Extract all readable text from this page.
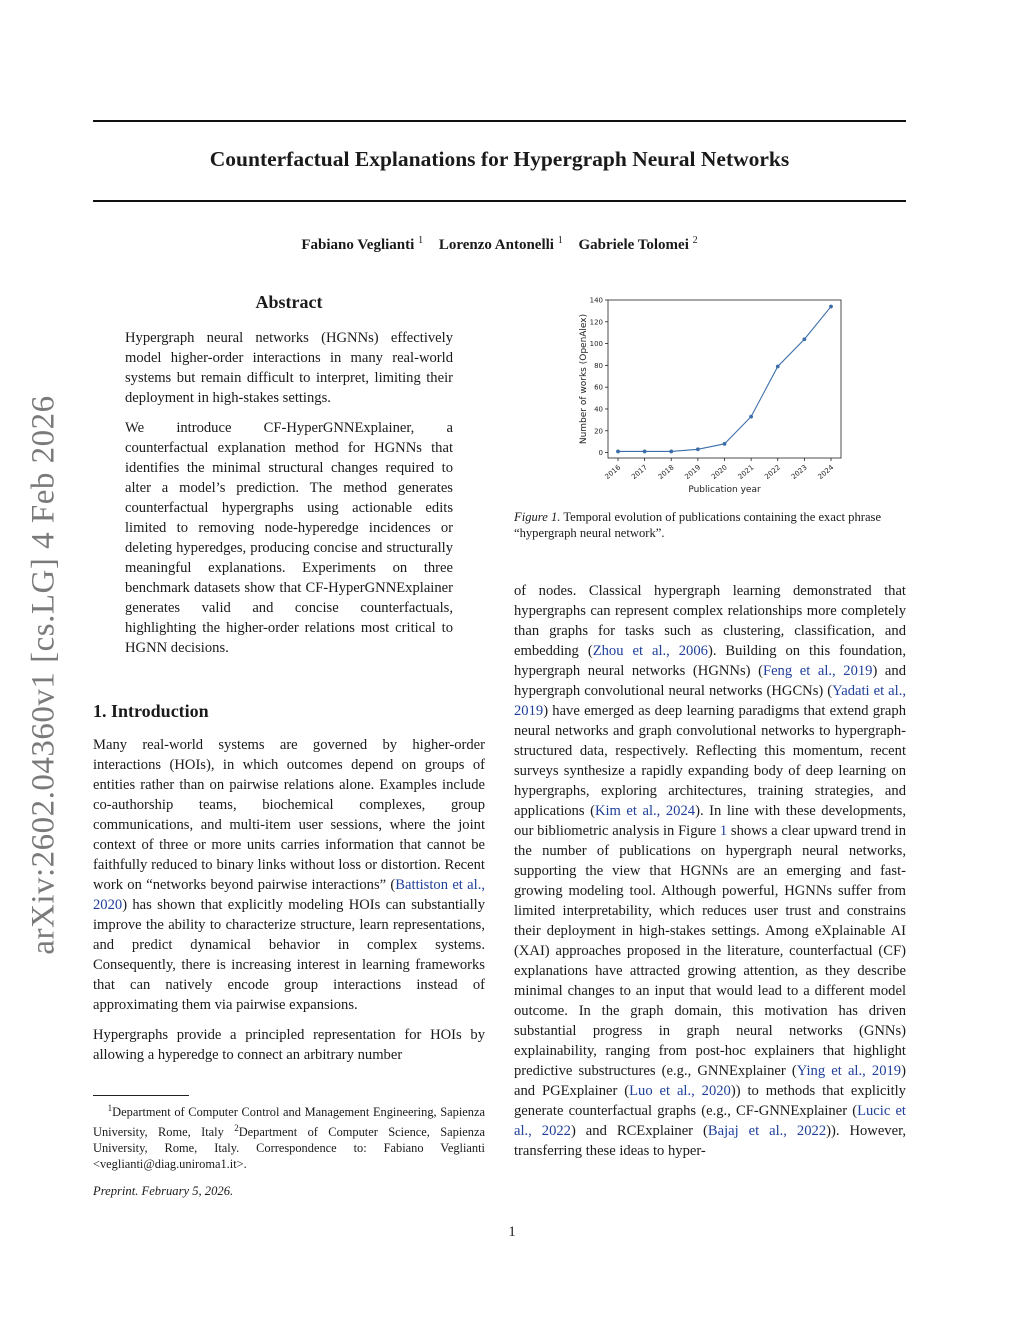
arXiv:2602.04360v1 [cs.LG] 4 Feb 2026
Counterfactual Explanations for Hypergraph Neural Networks
Fabiano Veglianti $^1$ Lorenzo Antonelli $^1$ Gabriele Tolomei $^2$
Abstract

Hypergraph neural networks (HGNNs) effectively model higher-order interactions in many real-world systems but remain difficult to interpret, limiting their deployment in high-stakes settings.

We introduce CF-HyperGNNExplainer, a counterfactual explanation method for HGNNs that identifies the minimal structural changes required to alter a model’s prediction. The method generates counterfactual hypergraphs using actionable edits limited to removing node-hyperedge incidences or deleting hyperedges, producing concise and structurally meaningful explanations. Experiments on three benchmark datasets show that CF-HyperGNNExplainer generates valid and concise counterfactuals, highlighting the higher-order relations most critical to HGNN decisions.

1. Introduction

Many real-world systems are governed by higher-order interactions (HOIs), in which outcomes depend on groups of entities rather than on pairwise relations alone. Examples include co-authorship teams, biochemical complexes, group communications, and multi-item user sessions, where the joint context of three or more units carries information that cannot be faithfully reduced to binary links without loss or distortion. Recent work on “networks beyond pairwise interactions” (Battiston et al., 2020) has shown that explicitly modeling HOIs can substantially improve the ability to characterize structure, learn representations, and predict dynamical behavior in complex systems. Consequently, there is increasing interest in learning frameworks that can natively encode group interactions instead of approximating them via pairwise expansions.

Hypergraphs provide a principled representation for HOIs by allowing a hyperedge to connect an arbitrary number

$^1$Department of Computer Control and Management Engineering, Sapienza University, Rome, Italy $^2$Department of Computer Science, Sapienza University, Rome, Italy. Correspondence to: Fabiano Veglianti <veglianti@diag.uniroma1.it>.
Preprint. February 5, 2026.
0
20
40
60
80
100
120
140
2016 2017 2018 2019 2020 2021 2022 2023 2024
Publication year
Number of works (OpenAlex)
Figure 1. Temporal evolution of publications containing the exact phrase “hypergraph neural network”.

of nodes. Classical hypergraph learning demonstrated that hypergraphs can represent complex relationships more completely than graphs for tasks such as clustering, classification, and embedding (Zhou et al., 2006). Building on this foundation, hypergraph neural networks (HGNNs) (Feng et al., 2019) and hypergraph convolutional neural networks (HGCNs) (Yadati et al., 2019) have emerged as deep learning paradigms that extend graph neural networks and graph convolutional networks to hypergraph-structured data, respectively. Reflecting this momentum, recent surveys synthesize a rapidly expanding body of deep learning on hypergraphs, exploring architectures, training strategies, and applications (Kim et al., 2024). In line with these developments, our bibliometric analysis in Figure 1 shows a clear upward trend in the number of publications on hypergraph neural networks, supporting the view that HGNNs are an emerging and fast-growing modeling tool. Although powerful, HGNNs suffer from limited interpretability, which reduces user trust and constrains their deployment in high-stakes settings. Among eXplainable AI (XAI) approaches proposed in the literature, counterfactual (CF) explanations have attracted growing attention, as they describe minimal changes to an input that would lead to a different model outcome. In the graph domain, this motivation has driven substantial progress in graph neural networks (GNNs) explainability, ranging from post-hoc explainers that highlight predictive substructures (e.g., GNNExplainer (Ying et al., 2019) and PGExplainer (Luo et al., 2020)) to methods that explicitly generate counterfactual graphs (e.g., CF-GNNExplainer (Lucic et al., 2022) and RCExplainer (Bajaj et al., 2022)). However, transferring these ideas to hyper-

1
